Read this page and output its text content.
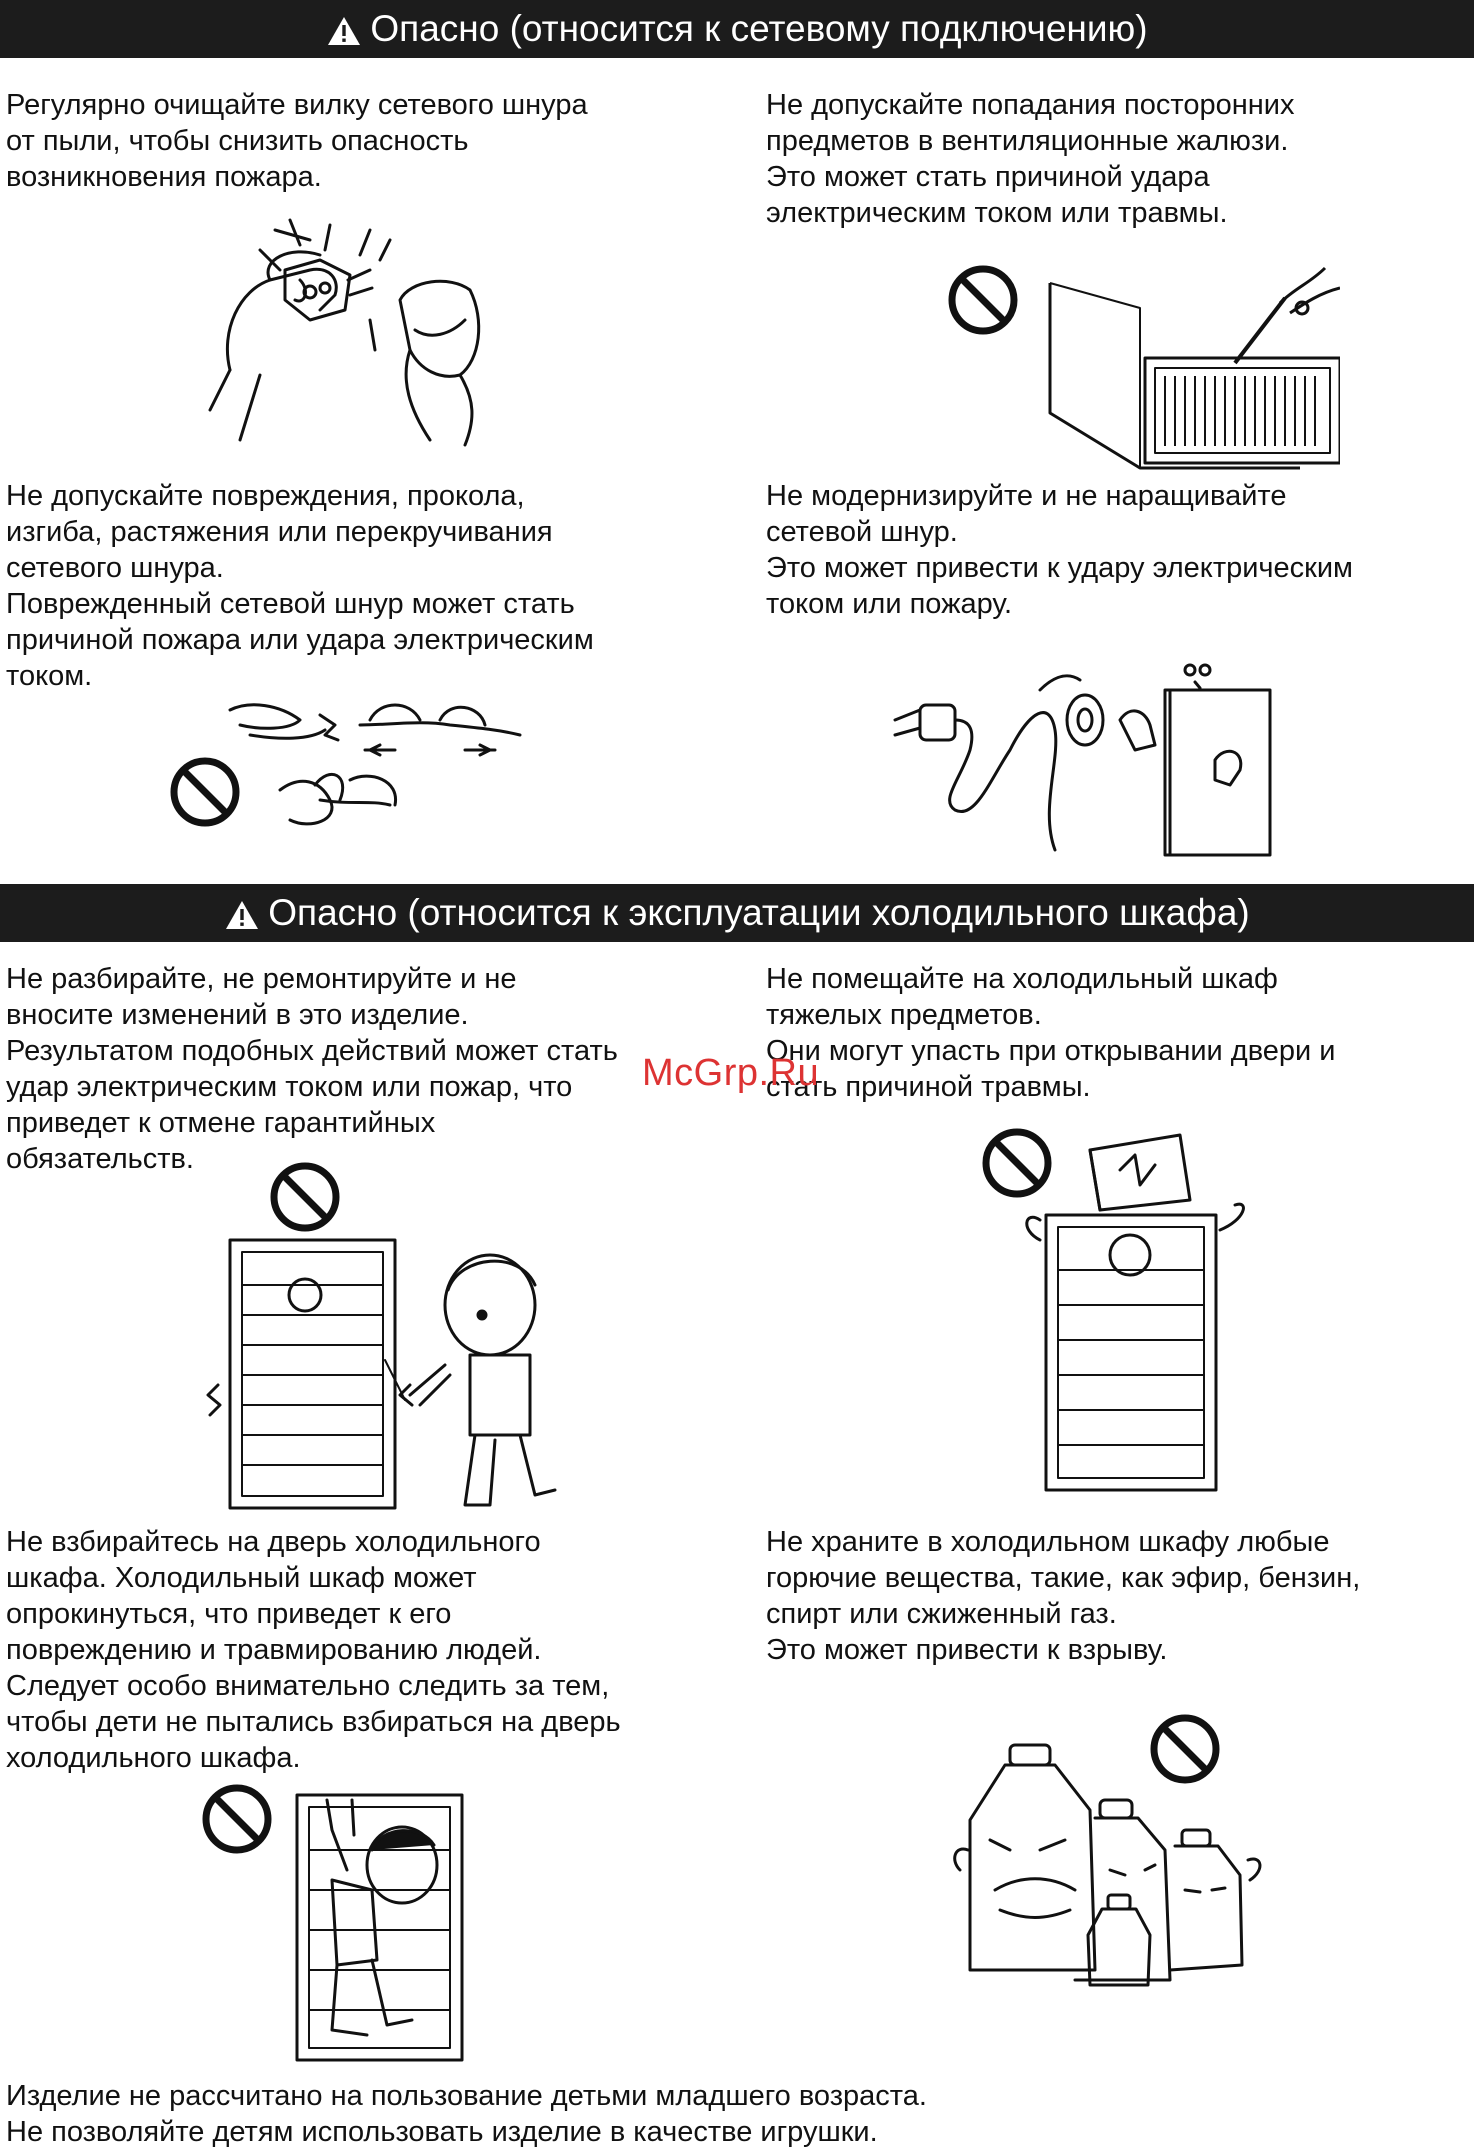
Опасно (относится к сетевому подключению)
Регулярно очищайте вилку сетевого шнура
от пыли, чтобы снизить опасность
возникновения пожара.
Не допускайте попадания посторонних
предметов в вентиляционные жалюзи.
Это может стать причиной удара
электрическим током или травмы.
Не допускайте повреждения, прокола,
изгиба, растяжения или перекручивания
сетевого шнура.
Поврежденный сетевой шнур может стать
причиной пожара или удара электрическим
током.
Не модернизируйте и не наращивайте
сетевой шнур.
Это может привести к удару электрическим
током или пожару.
Опасно (относится к эксплуатации холодильного шкафа)
Не разбирайте, не ремонтируйте и не
вносите изменений в это изделие.
Результатом подобных действий может стать
удар электрическим током или пожар, что
приведет к отмене гарантийных
обязательств.
Не помещайте на холодильный шкаф
тяжелых предметов.
Они могут упасть при открывании двери и
стать причиной травмы.
McGrp.Ru
Не взбирайтесь на дверь холодильного
шкафа. Холодильный шкаф может
опрокинуться, что приведет к его
повреждению и травмированию людей.
Следует особо внимательно следить за тем,
чтобы дети не пытались взбираться на дверь
холодильного шкафа.
Не храните в холодильном шкафу любые
горючие вещества, такие, как эфир, бензин,
спирт или сжиженный газ.
Это может привести к взрыву.
Изделие не рассчитано на пользование детьми младшего возраста.
Не позволяйте детям использовать изделие в качестве игрушки.
